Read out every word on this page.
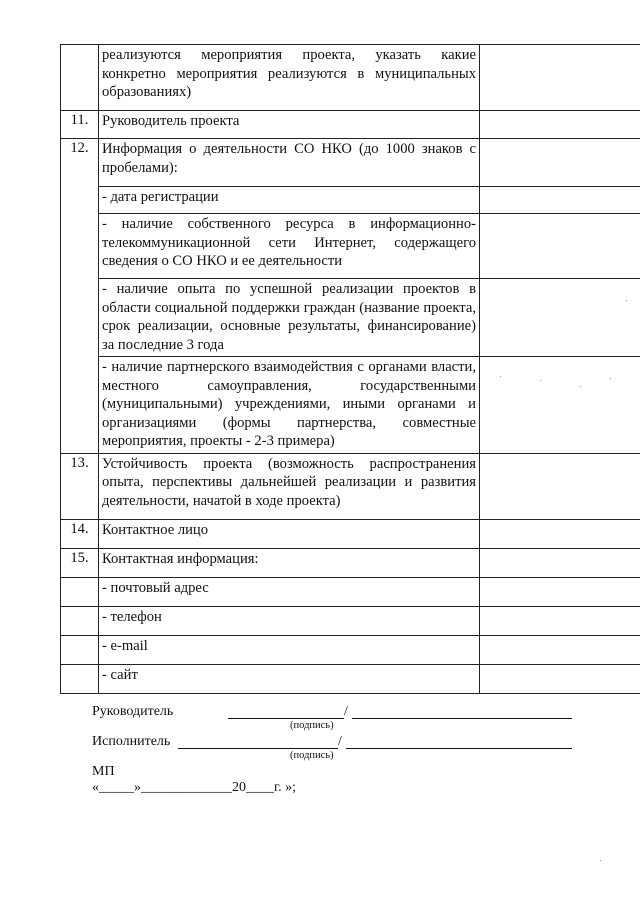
	реализуются мероприятия проекта, указать какие конкретно мероприятия реализуются в муниципальных образованиях)	
11.	Руководитель проекта	
12.	Информация о деятельности СО НКО (до 1000 знаков с пробелами):	
	- дата регистрации	
	- наличие собственного ресурса в информационно-телекоммуникационной сети Интернет, содержащего сведения о СО НКО и ее деятельности	
	- наличие опыта по успешной реализации проектов в области социальной поддержки граждан (название проекта, срок реализации, основные результаты, финансирование) за последние 3 года	
	- наличие партнерского взаимодействия с органами власти, местного самоуправления, государственными (муниципальными) учреждениями, иными органами и организациями (формы партнерства, совместные мероприятия, проекты - 2-3 примера)	
13.	Устойчивость проекта (возможность распространения опыта, перспективы дальнейшей реализации и развития деятельности, начатой в ходе проекта)	
14.	Контактное лицо	
15.	Контактная информация:	
	- почтовый адрес	
	- телефон	
	- e-mail	
	- сайт	
Руководитель	/
(подпись)
Исполнитель	/
(подпись)
МП
«_____»_____________20____г. »;
